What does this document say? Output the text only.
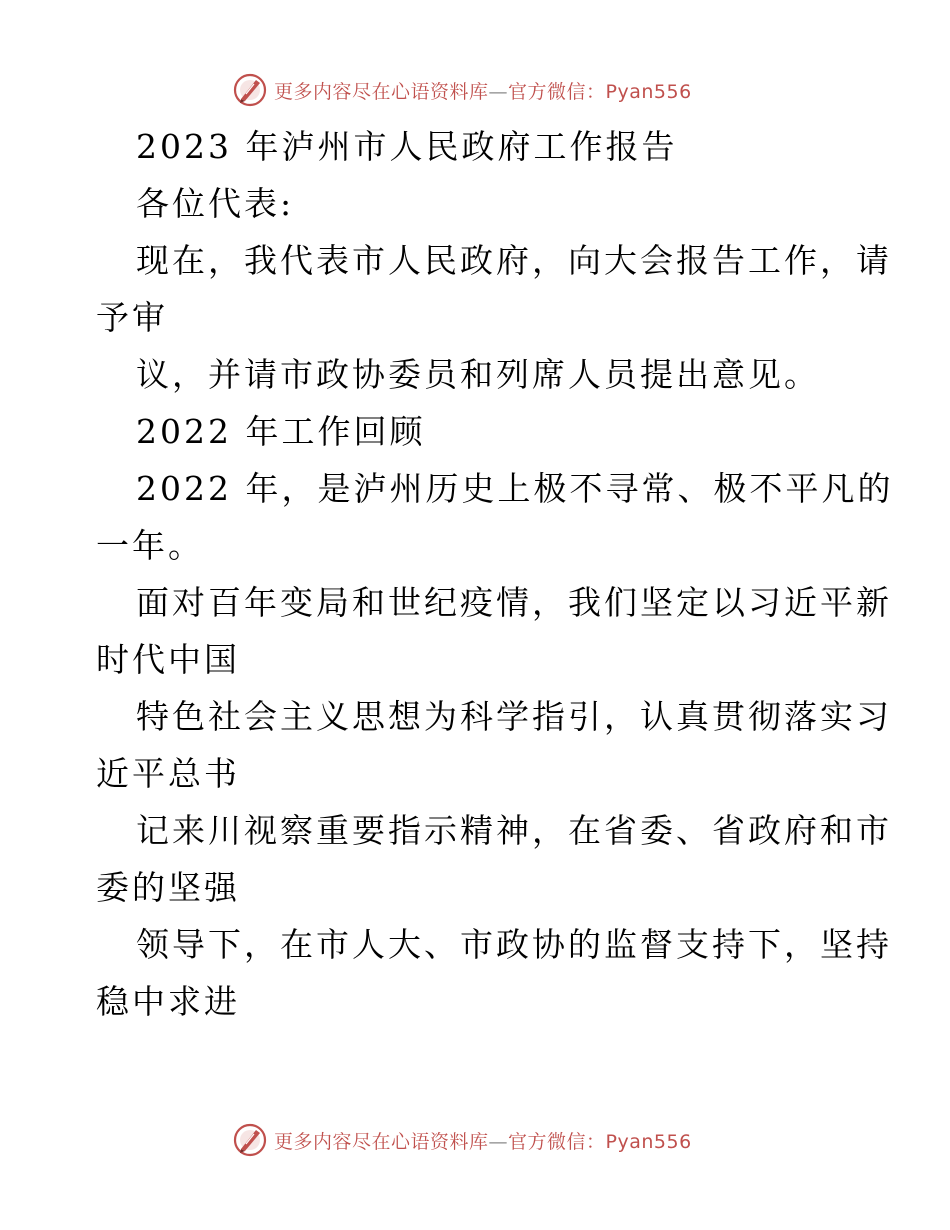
更多内容尽在心语资料库—官方微信：Pyan556
2023 年泸州市人民政府工作报告
各位代表:
现在，我代表市人民政府，向大会报告工作，请
予审
议，并请市政协委员和列席人员提出意见。
2022 年工作回顾
2022 年，是泸州历史上极不寻常、极不平凡的
一年。
面对百年变局和世纪疫情，我们坚定以习近平新
时代中国
特色社会主义思想为科学指引，认真贯彻落实习
近平总书
记来川视察重要指示精神，在省委、省政府和市
委的坚强
领导下，在市人大、市政协的监督支持下，坚持
稳中求进
更多内容尽在心语资料库—官方微信：Pyan556
